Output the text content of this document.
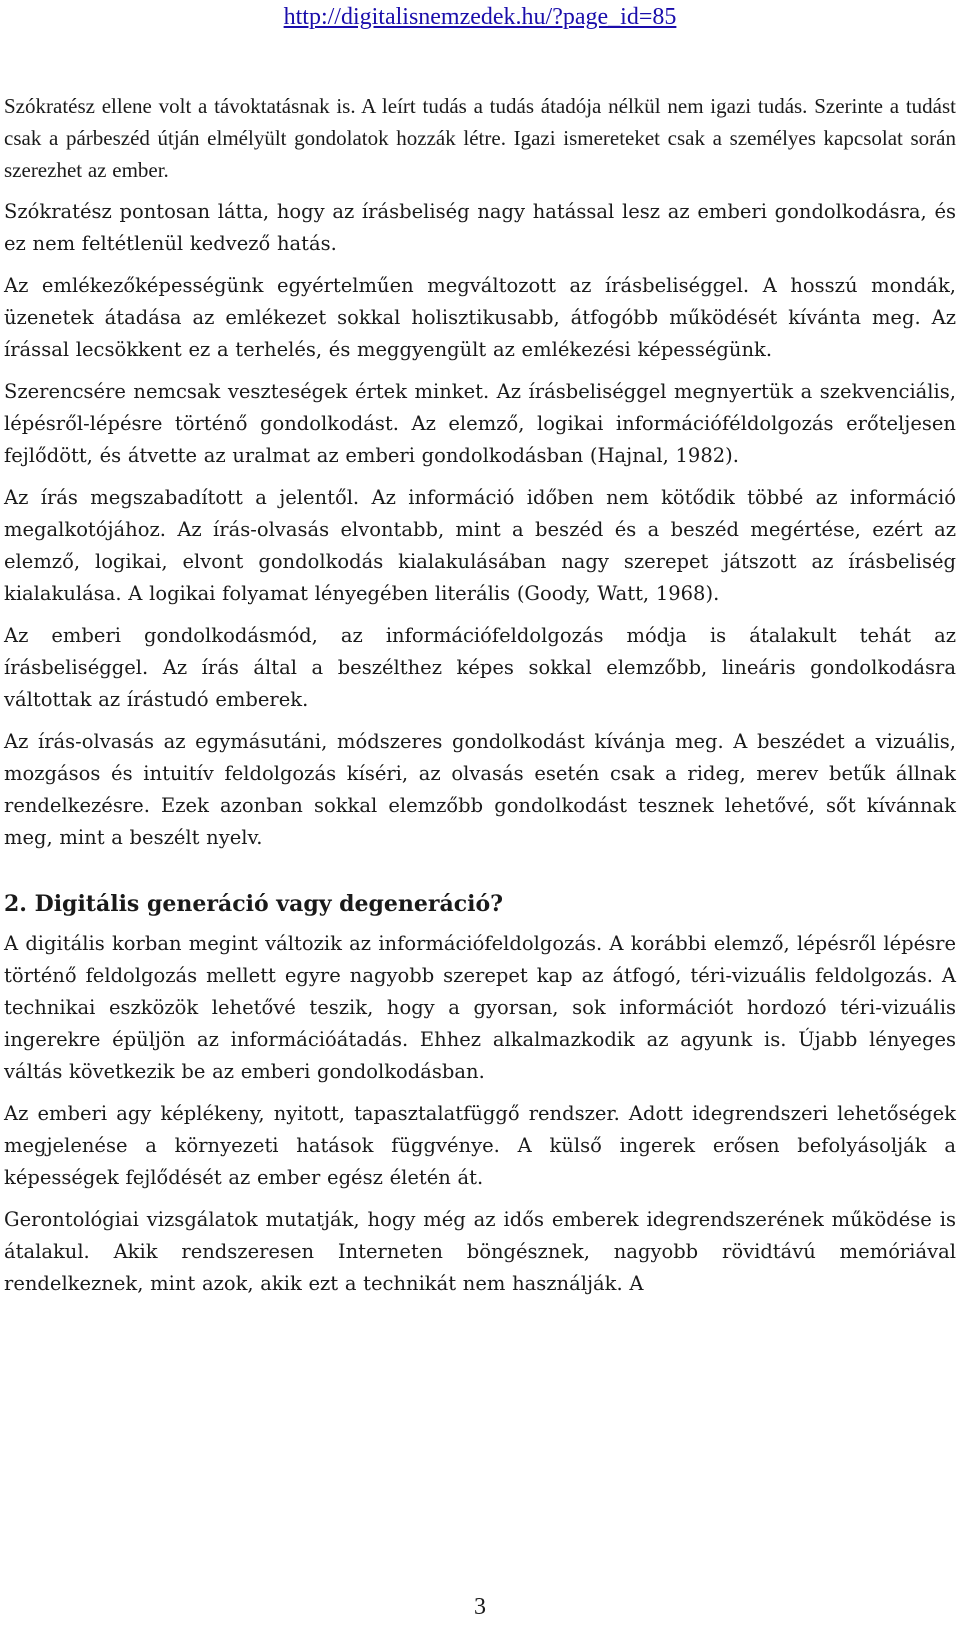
http://digitalisnemzedek.hu/?page_id=85

Szókratész ellene volt a távoktatásnak is. A leírt tudás a tudás átadója nélkül nem igazi tudás. Szerinte a tudást csak a párbeszéd útján elmélyült gondolatok hozzák létre. Igazi ismereteket csak a személyes kapcsolat során szerezhet az ember.

Szókratész pontosan látta, hogy az írásbeliség nagy hatással lesz az emberi gondolkodásra, és ez nem feltétlenül kedvező hatás.

Az emlékezőképességünk egyértelműen megváltozott az írásbeliséggel. A hosszú mondák, üzenetek átadása az emlékezet sokkal holisztikusabb, átfogóbb működését kívánta meg. Az írással lecsökkent ez a terhelés, és meggyengült az emlékezési képességünk.

Szerencsére nemcsak veszteségek értek minket. Az írásbeliséggel megnyertük a szekvenciális, lépésről-lépésre történő gondolkodást. Az elemző, logikai információféldolgozás erőteljesen fejlődött, és átvette az uralmat az emberi gondolkodásban (Hajnal, 1982).

Az írás megszabadított a jelentől. Az információ időben nem kötődik többé az információ megalkotójához. Az írás-olvasás elvontabb, mint a beszéd és a beszéd megértése, ezért az elemző, logikai, elvont gondolkodás kialakulásában nagy szerepet játszott az írásbeliség kialakulása. A logikai folyamat lényegében literális (Goody, Watt, 1968).

Az emberi gondolkodásmód, az információfeldolgozás módja is átalakult tehát az írásbeliséggel. Az írás által a beszélthez képes sokkal elemzőbb, lineáris gondolkodásra váltottak az írástudó emberek.

Az írás-olvasás az egymásutáni, módszeres gondolkodást kívánja meg. A beszédet a vizuális, mozgásos és intuitív feldolgozás kíséri, az olvasás esetén csak a rideg, merev betűk állnak rendelkezésre. Ezek azonban sokkal elemzőbb gondolkodást tesznek lehetővé, sőt kívánnak meg, mint a beszélt nyelv.

2. Digitális generáció vagy degeneráció?

A digitális korban megint változik az információfeldolgozás. A korábbi elemző, lépésről lépésre történő feldolgozás mellett egyre nagyobb szerepet kap az átfogó, téri-vizuális feldolgozás. A technikai eszközök lehetővé teszik, hogy a gyorsan, sok információt hordozó téri-vizuális ingerekre épüljön az információátadás. Ehhez alkalmazkodik az agyunk is. Újabb lényeges váltás következik be az emberi gondolkodásban.

Az emberi agy képlékeny, nyitott, tapasztalatfüggő rendszer. Adott idegrendszeri lehetőségek megjelenése a környezeti hatások függvénye. A külső ingerek erősen befolyásolják a képességek fejlődését az ember egész életén át.

Gerontológiai vizsgálatok mutatják, hogy még az idős emberek idegrendszerének működése is átalakul. Akik rendszeresen Interneten böngésznek, nagyobb rövidtávú memóriával rendelkeznek, mint azok, akik ezt a technikát nem használják. A

3
